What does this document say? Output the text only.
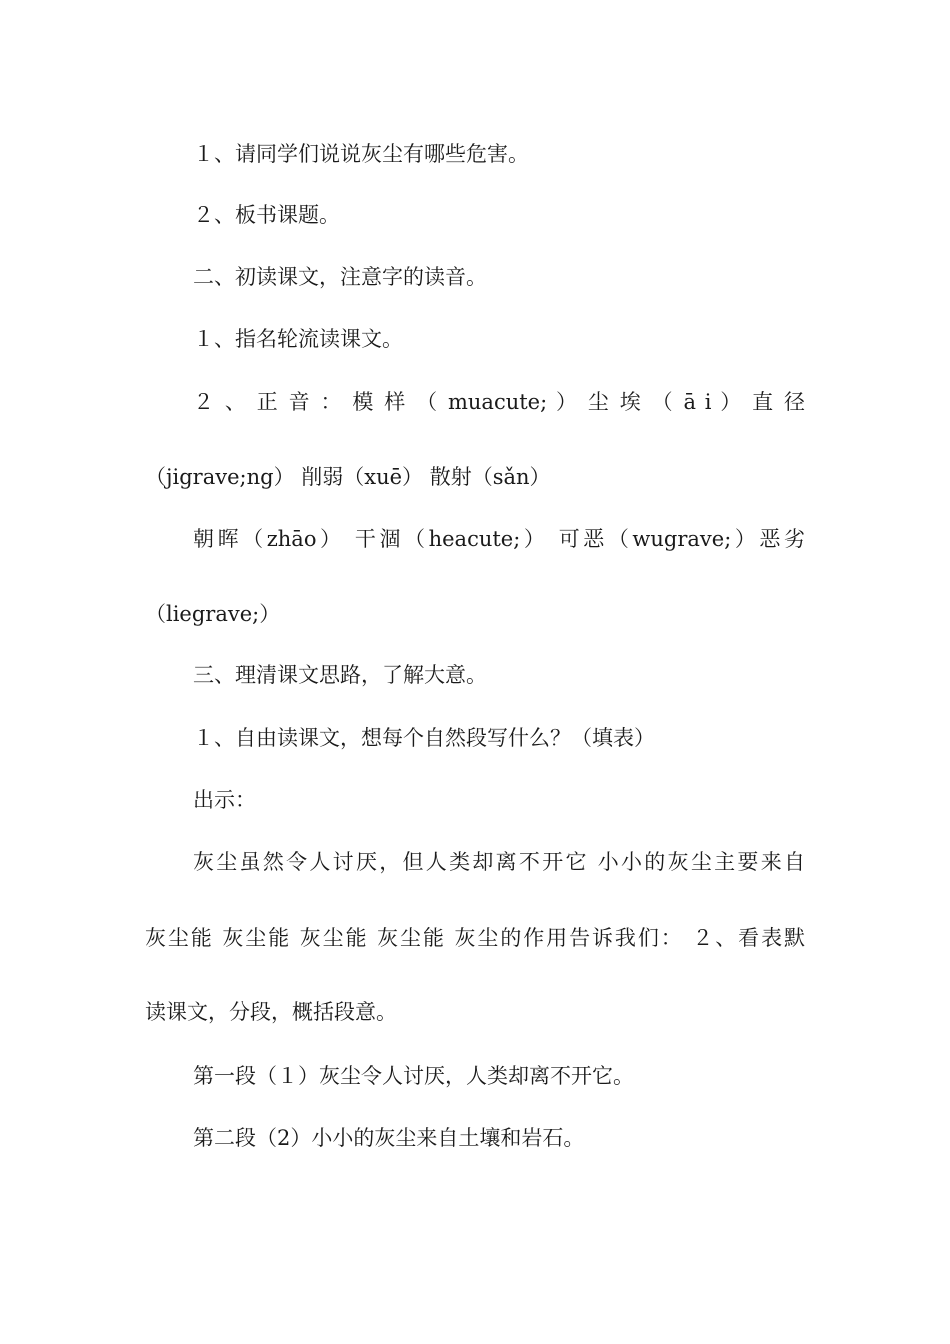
１、请同学们说说灰尘有哪些危害。
２、板书课题。
二、初读课文，注意字的读音。
１、指名轮流读课文。
２ 、 正 音 ： 模 样 （ muacute; ） 尘 埃 （ ā i ） 直 径
（jigrave;ng） 削弱（xuē） 散射（sǎn）
朝晖（zhāo） 干涸（heacute;） 可恶（wugrave;）恶劣
（liegrave;）
三、理清课文思路，了解大意。
１、自由读课文，想每个自然段写什么？（填表）
出示：
灰尘虽然令人讨厌，但人类却离不开它 小小的灰尘主要来自
灰尘能 灰尘能 灰尘能 灰尘能 灰尘的作用告诉我们： ２、看表默
读课文，分段，概括段意。
第一段（１）灰尘令人讨厌，人类却离不开它。
第二段（2）小小的灰尘来自土壤和岩石。
